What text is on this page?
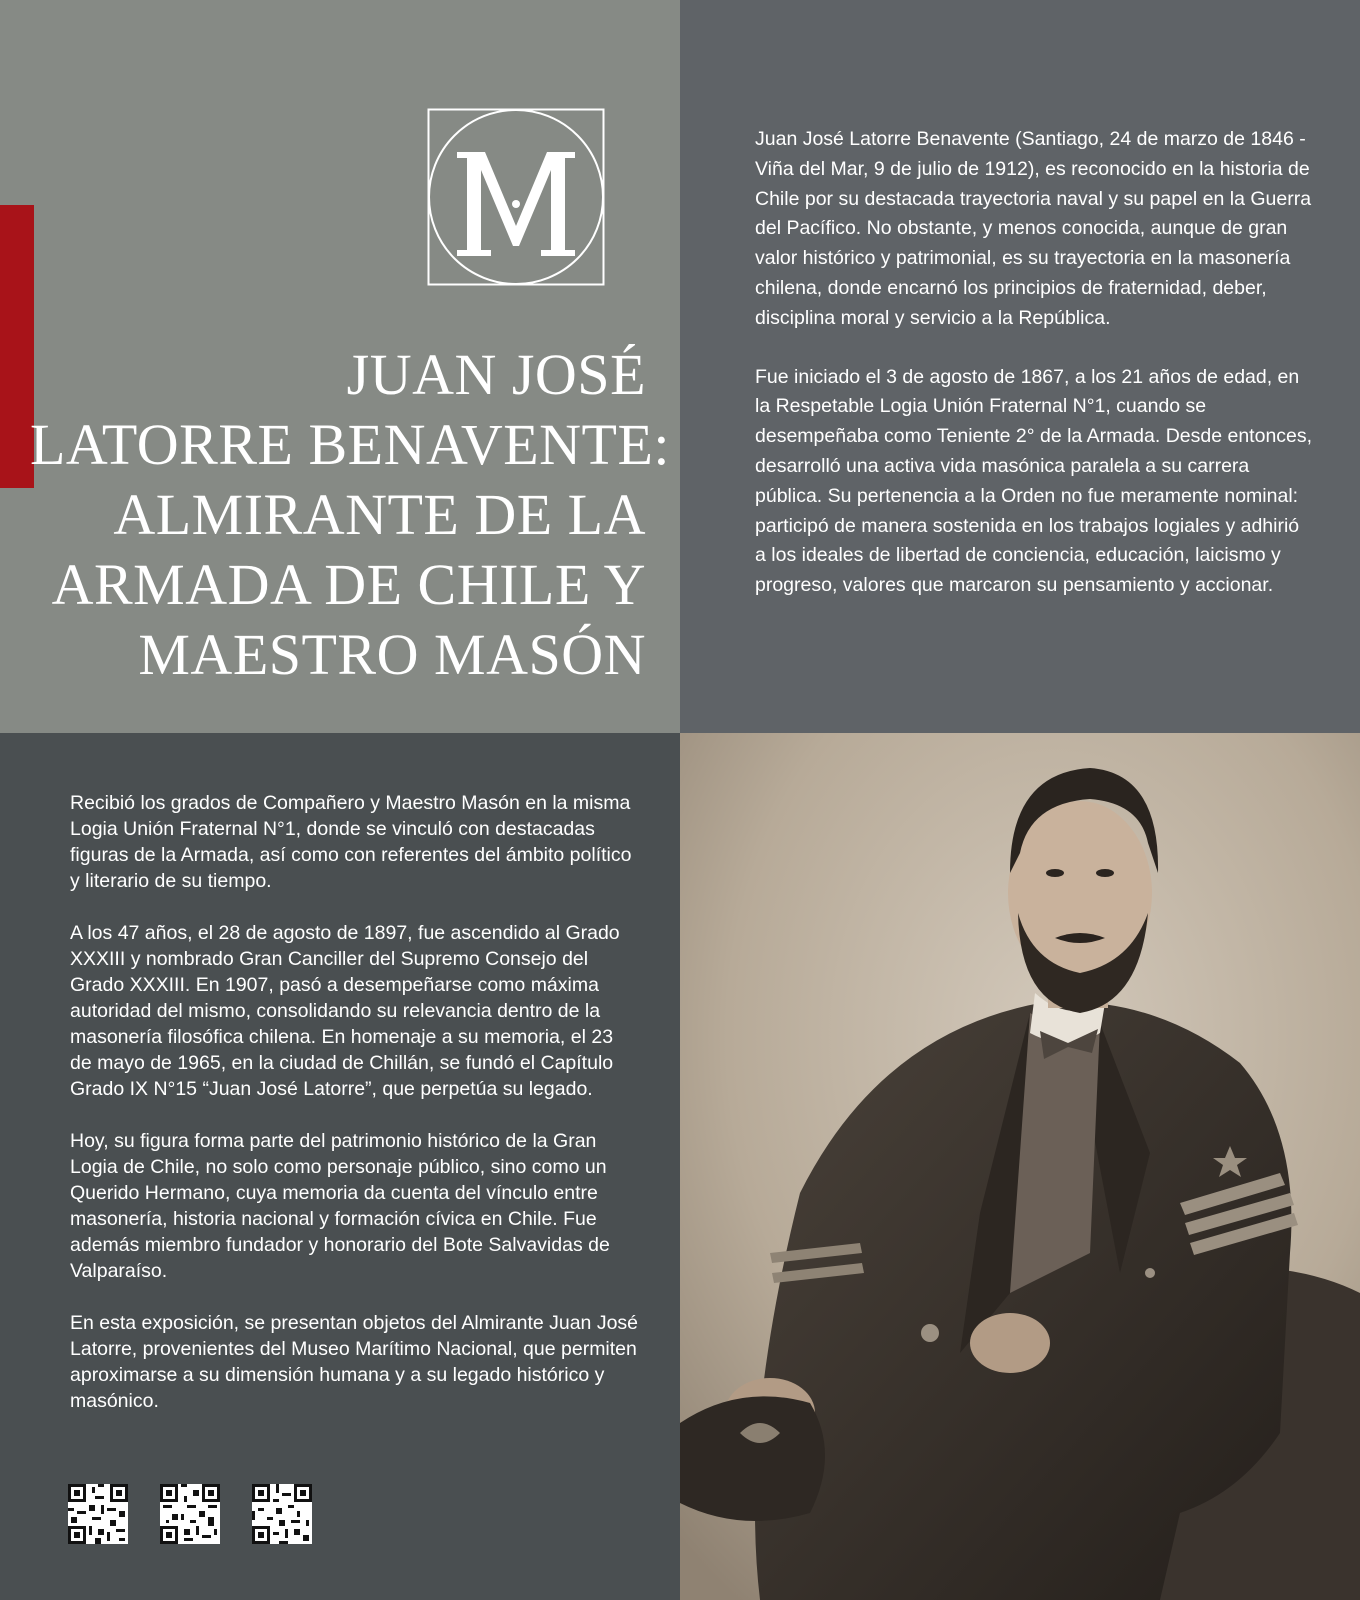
JUAN JOSÉ
LATORRE BENAVENTE:
ALMIRANTE DE LA
ARMADA DE CHILE Y
MAESTRO MASÓN

Juan José Latorre Benavente (Santiago, 24 de marzo de 1846 - Viña del Mar, 9 de julio de 1912), es reconocido en la historia de Chile por su destacada trayectoria naval y su papel en la Guerra del Pacífico. No obstante, y menos conocida, aunque de gran valor histórico y patrimonial, es su trayectoria en la masonería chilena, donde encarnó los principios de fraternidad, deber, disciplina moral y servicio a la República.

Fue iniciado el 3 de agosto de 1867, a los 21 años de edad, en la Respetable Logia Unión Fraternal N°1, cuando se desempeñaba como Teniente 2° de la Armada. Desde entonces, desarrolló una activa vida masónica paralela a su carrera pública. Su pertenencia a la Orden no fue meramente nominal: participó de manera sostenida en los trabajos logiales y adhirió a los ideales de libertad de conciencia, educación, laicismo y progreso, valores que marcaron su pensamiento y accionar.

Recibió los grados de Compañero y Maestro Masón en la misma Logia Unión Fraternal N°1, donde se vinculó con destacadas figuras de la Armada, así como con referentes del ámbito político y literario de su tiempo.

A los 47 años, el 28 de agosto de 1897, fue ascendido al Grado XXXIII y nombrado Gran Canciller del Supremo Consejo del Grado XXXIII. En 1907, pasó a desempeñarse como máxima autoridad del mismo, consolidando su relevancia dentro de la masonería filosófica chilena. En homenaje a su memoria, el 23 de mayo de 1965, en la ciudad de Chillán, se fundó el Capítulo Grado IX N°15 “Juan José Latorre”, que perpetúa su legado.

Hoy, su figura forma parte del patrimonio histórico de la Gran Logia de Chile, no solo como personaje público, sino como un Querido Hermano, cuya memoria da cuenta del vínculo entre masonería, historia nacional y formación cívica en Chile. Fue además miembro fundador y honorario del Bote Salvavidas de Valparaíso.

En esta exposición, se presentan objetos del Almirante Juan José Latorre, provenientes del Museo Marítimo Nacional, que permiten aproximarse a su dimensión humana y a su legado histórico y masónico.
